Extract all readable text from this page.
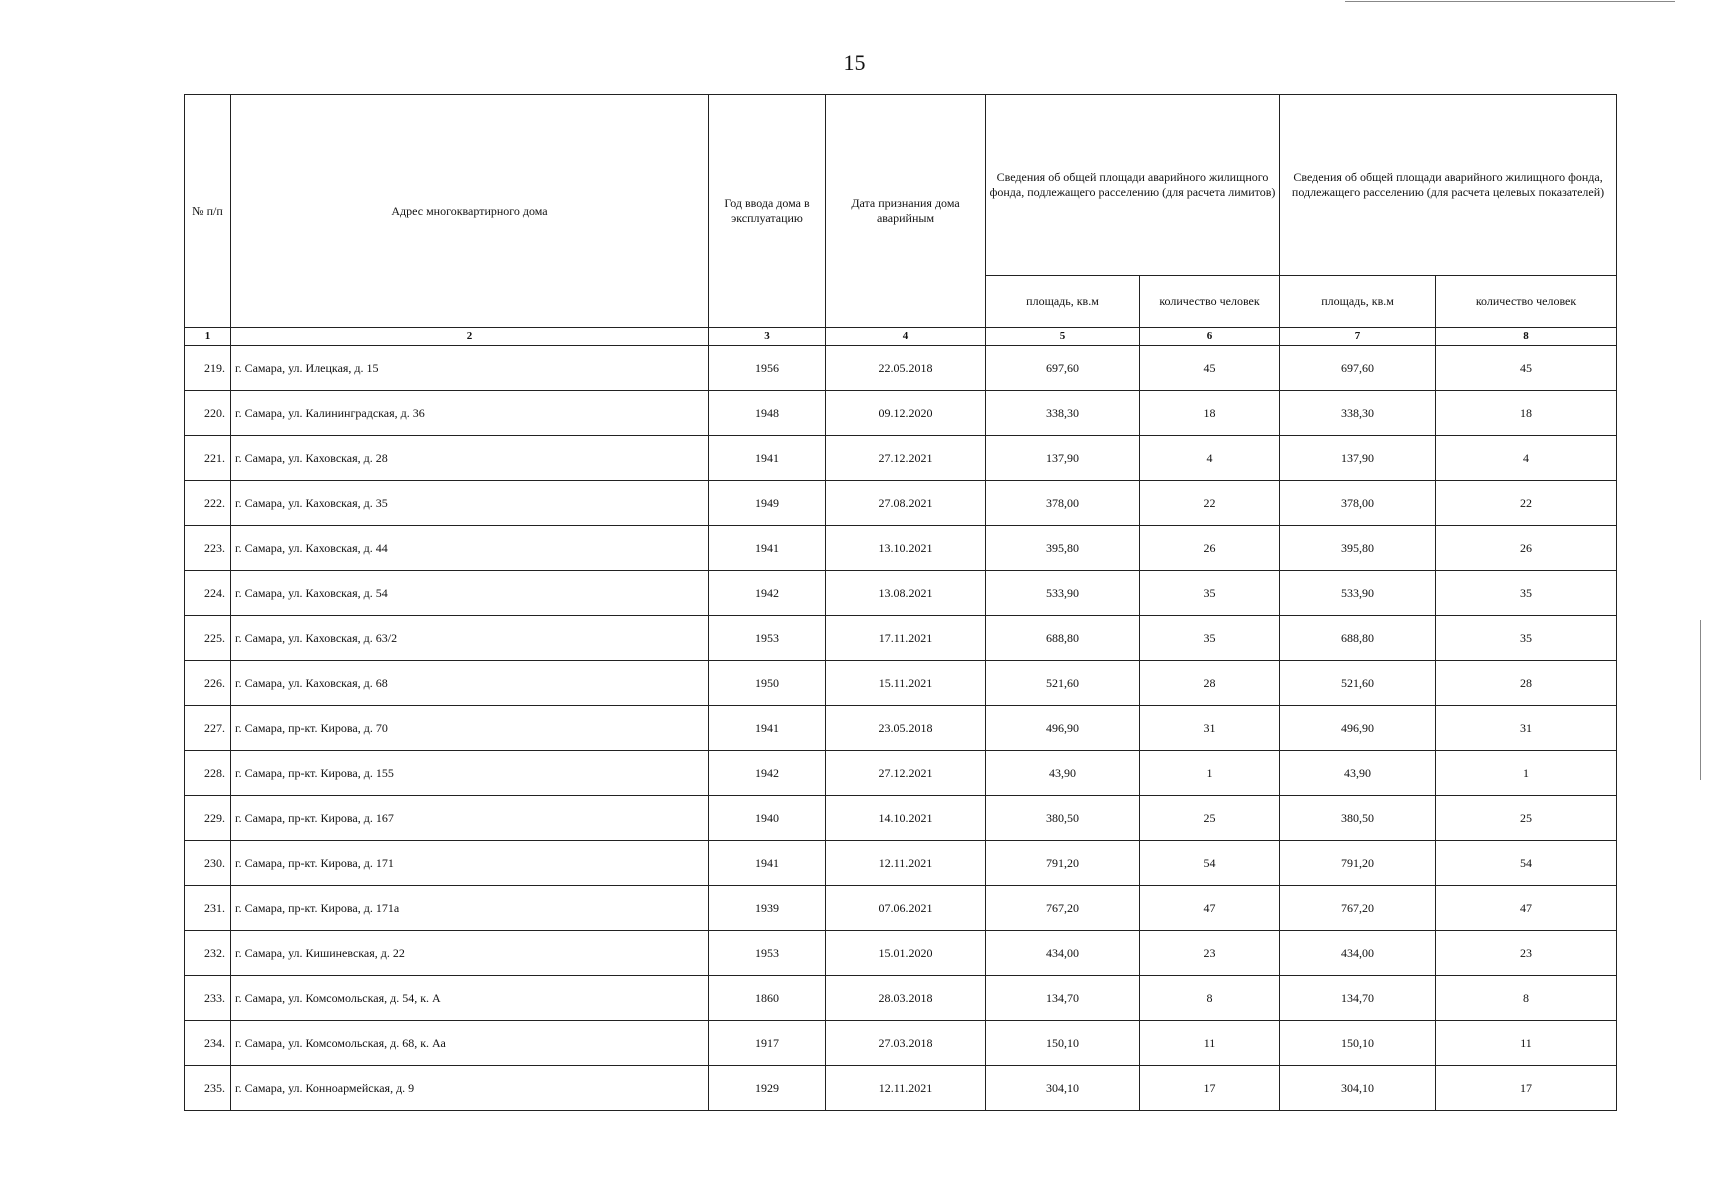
15
№ п/п	Адрес многоквартирного дома	Год ввода дома в эксплуатацию	Дата признания дома аварийным	Сведения об общей площади аварийного жилищного фонда, подлежащего расселению (для расчета лимитов)		Сведения об общей площади аварийного жилищного фонда, подлежащего расселению (для расчета целевых показателей)	
				площадь, кв.м	количество человек	площадь, кв.м	количество человек
1	2	3	4	5	6	7	8
219.	г. Самара, ул. Илецкая, д. 15	1956	22.05.2018	697,60	45	697,60	45
220.	г. Самара, ул. Калининградская, д. 36	1948	09.12.2020	338,30	18	338,30	18
221.	г. Самара, ул. Каховская, д. 28	1941	27.12.2021	137,90	4	137,90	4
222.	г. Самара, ул. Каховская, д. 35	1949	27.08.2021	378,00	22	378,00	22
223.	г. Самара, ул. Каховская, д. 44	1941	13.10.2021	395,80	26	395,80	26
224.	г. Самара, ул. Каховская, д. 54	1942	13.08.2021	533,90	35	533,90	35
225.	г. Самара, ул. Каховская, д. 63/2	1953	17.11.2021	688,80	35	688,80	35
226.	г. Самара, ул. Каховская, д. 68	1950	15.11.2021	521,60	28	521,60	28
227.	г. Самара, пр-кт. Кирова, д. 70	1941	23.05.2018	496,90	31	496,90	31
228.	г. Самара, пр-кт. Кирова, д. 155	1942	27.12.2021	43,90	1	43,90	1
229.	г. Самара, пр-кт. Кирова, д. 167	1940	14.10.2021	380,50	25	380,50	25
230.	г. Самара, пр-кт. Кирова, д. 171	1941	12.11.2021	791,20	54	791,20	54
231.	г. Самара, пр-кт. Кирова, д. 171а	1939	07.06.2021	767,20	47	767,20	47
232.	г. Самара, ул. Кишиневская, д. 22	1953	15.01.2020	434,00	23	434,00	23
233.	г. Самара, ул. Комсомольская, д. 54, к. А	1860	28.03.2018	134,70	8	134,70	8
234.	г. Самара, ул. Комсомольская, д. 68, к. Аа	1917	27.03.2018	150,10	11	150,10	11
235.	г. Самара, ул. Конноармейская, д. 9	1929	12.11.2021	304,10	17	304,10	17
